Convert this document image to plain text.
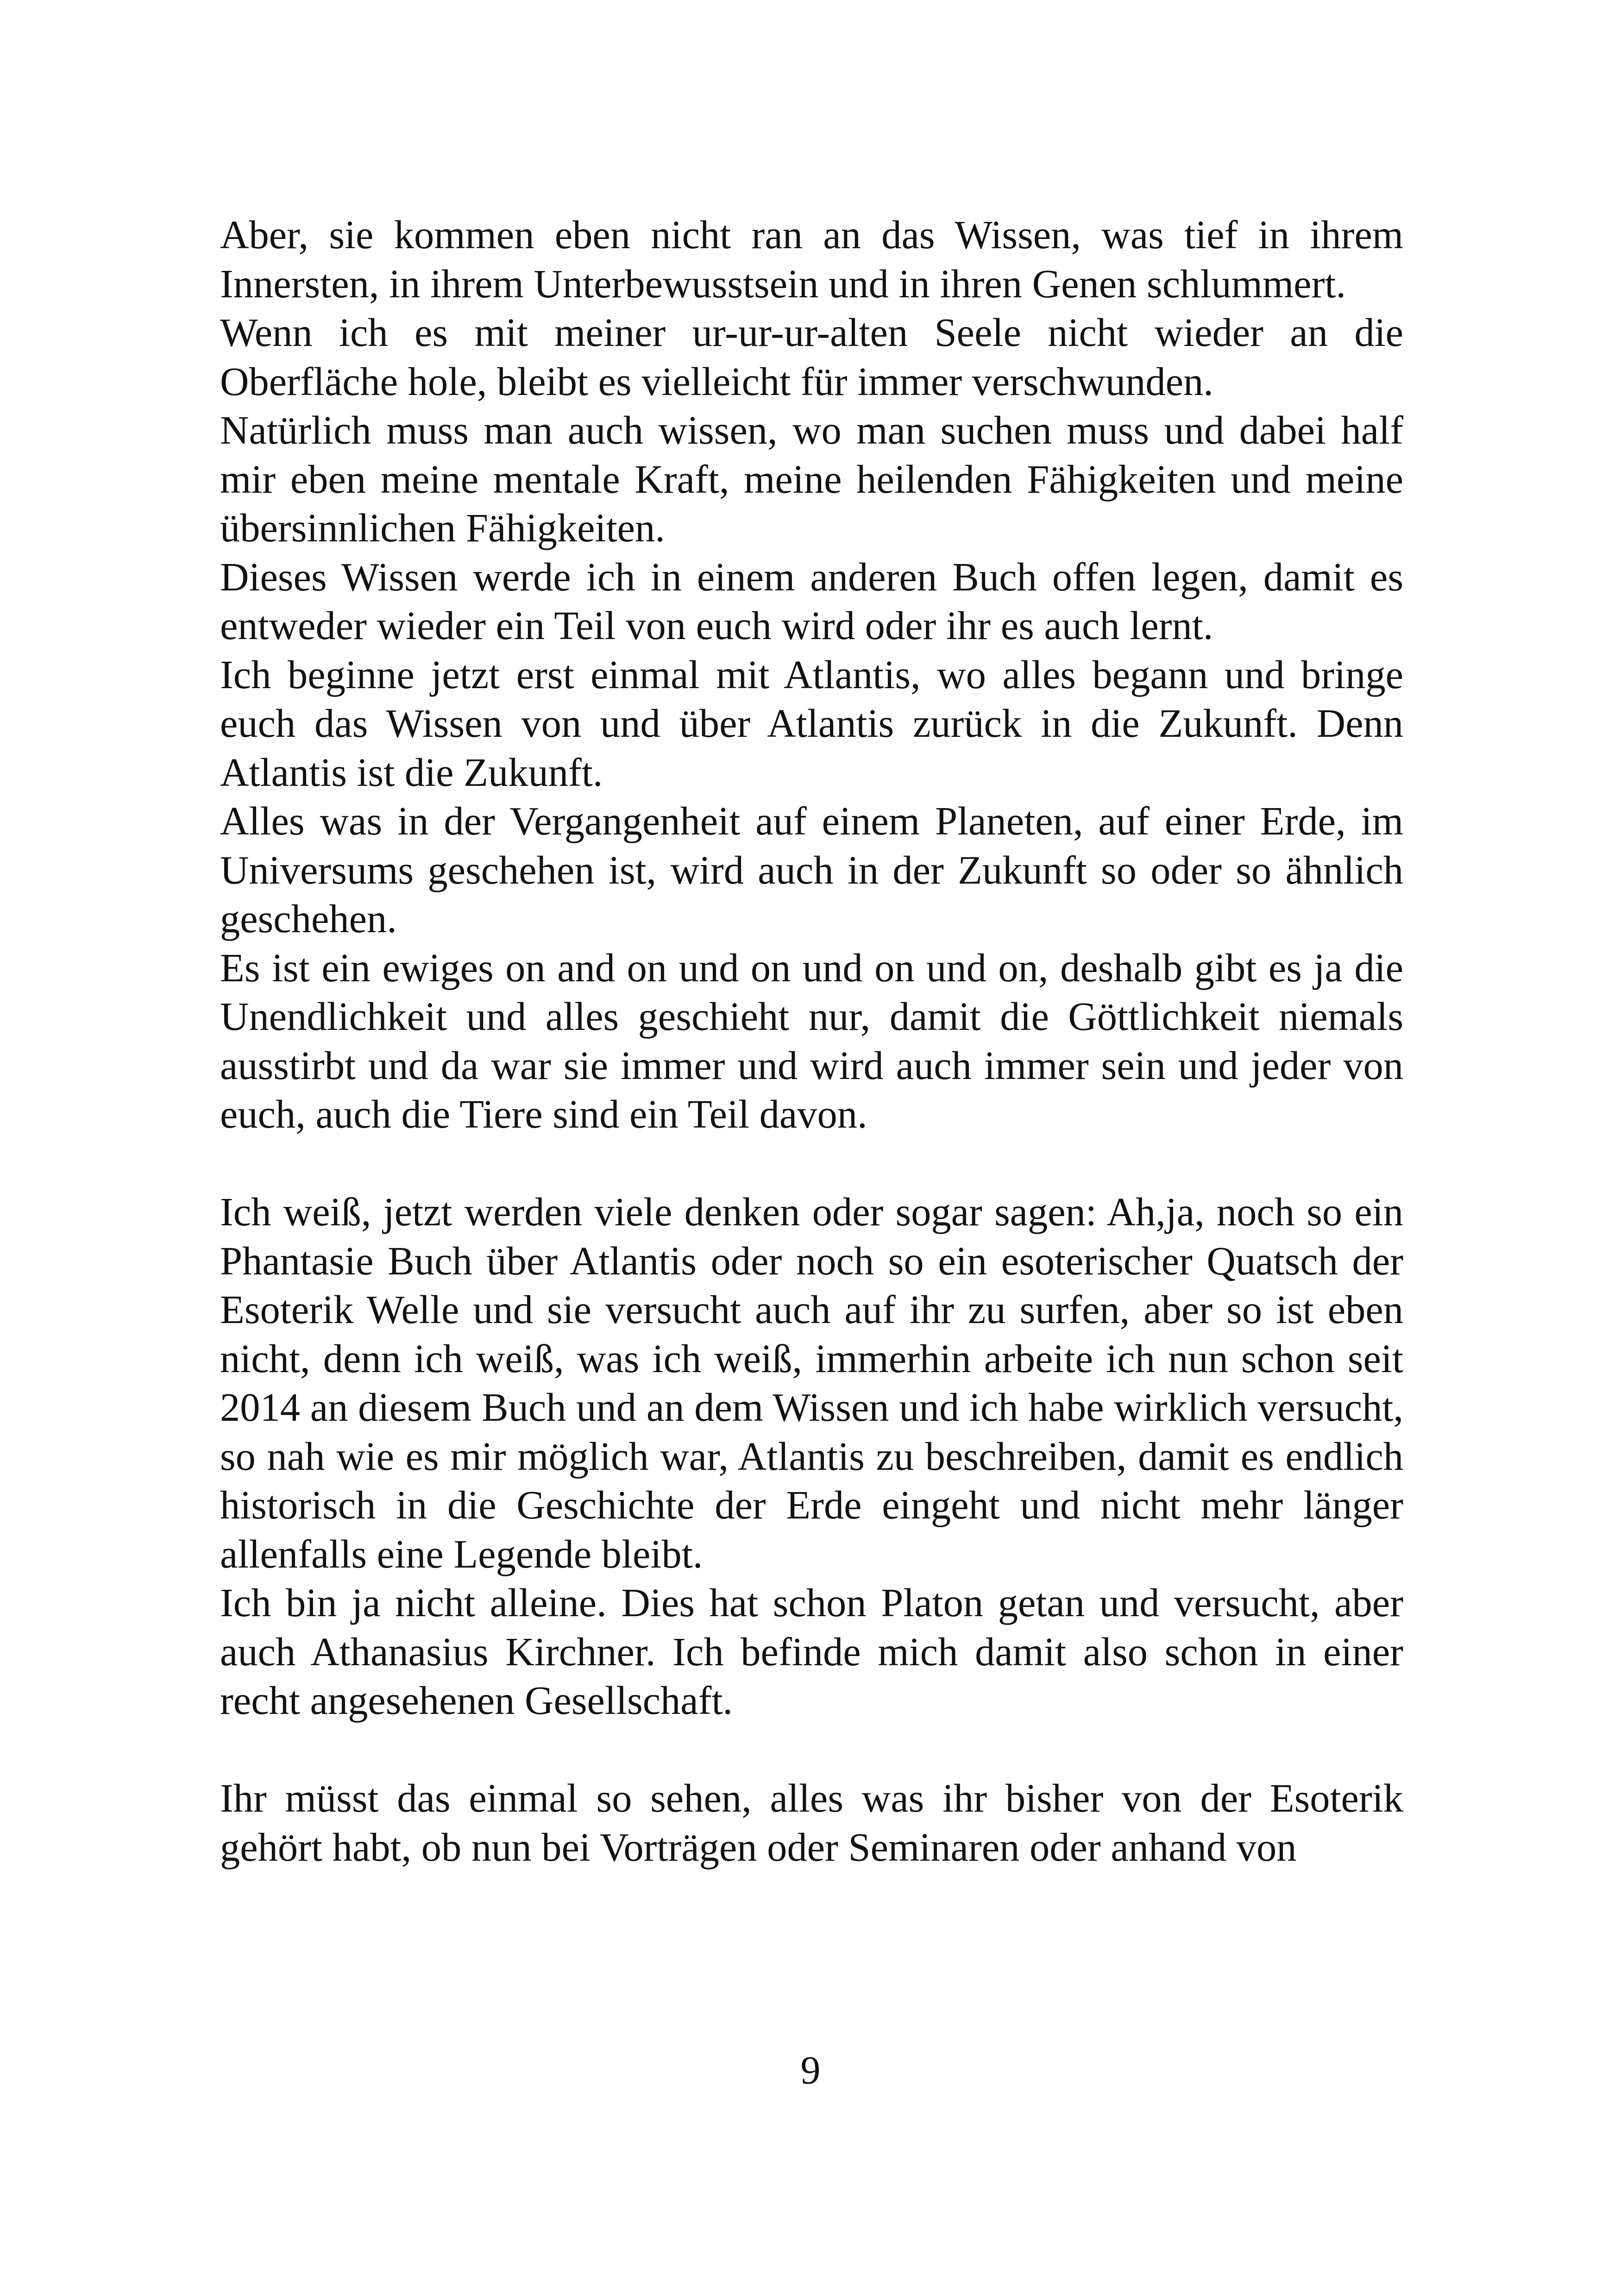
Aber, sie kommen eben nicht ran an das Wissen, was tief in ihrem Innersten, in ihrem Unterbewusstsein und in ihren Genen schlummert.

Wenn ich es mit meiner ur-ur-ur-alten Seele nicht wieder an die Oberfläche hole, bleibt es vielleicht für immer verschwunden.

Natürlich muss man auch wissen, wo man suchen muss und dabei half mir eben meine mentale Kraft, meine heilenden Fähigkeiten und meine übersinnlichen Fähigkeiten.

Dieses Wissen werde ich in einem anderen Buch offen legen, damit es entweder wieder ein Teil von euch wird oder ihr es auch lernt.

Ich beginne jetzt erst einmal mit Atlantis, wo alles begann und bringe euch das Wissen von und über Atlantis zurück in die Zukunft. Denn Atlantis ist die Zukunft.

Alles was in der Vergangenheit auf einem Planeten, auf einer Erde, im Universums geschehen ist, wird auch in der Zukunft so oder so ähnlich geschehen.

Es ist ein ewiges on and on und on und on und on, deshalb gibt es ja die Unendlichkeit und alles geschieht nur, damit die Göttlichkeit niemals ausstirbt und da war sie immer und wird auch immer sein und jeder von euch, auch die Tiere sind ein Teil davon.

Ich weiß, jetzt werden viele denken oder sogar sagen: Ah,ja, noch so ein Phantasie Buch über Atlantis oder noch so ein esoterischer Quatsch der Esoterik Welle und sie versucht auch auf ihr zu surfen, aber so ist eben nicht, denn ich weiß, was ich weiß, immerhin arbeite ich nun schon seit 2014 an diesem Buch und an dem Wissen und ich habe wirklich versucht, so nah wie es mir möglich war, Atlantis zu beschreiben, damit es endlich historisch in die Geschichte der Erde eingeht und nicht mehr länger allenfalls eine Legende bleibt.

Ich bin ja nicht alleine. Dies hat schon Platon getan und versucht, aber auch Athanasius Kirchner. Ich befinde mich damit also schon in einer recht angesehenen Gesellschaft.

Ihr müsst das einmal so sehen, alles was ihr bisher von der Esoterik gehört habt, ob nun bei Vorträgen oder Seminaren oder anhand von

9
